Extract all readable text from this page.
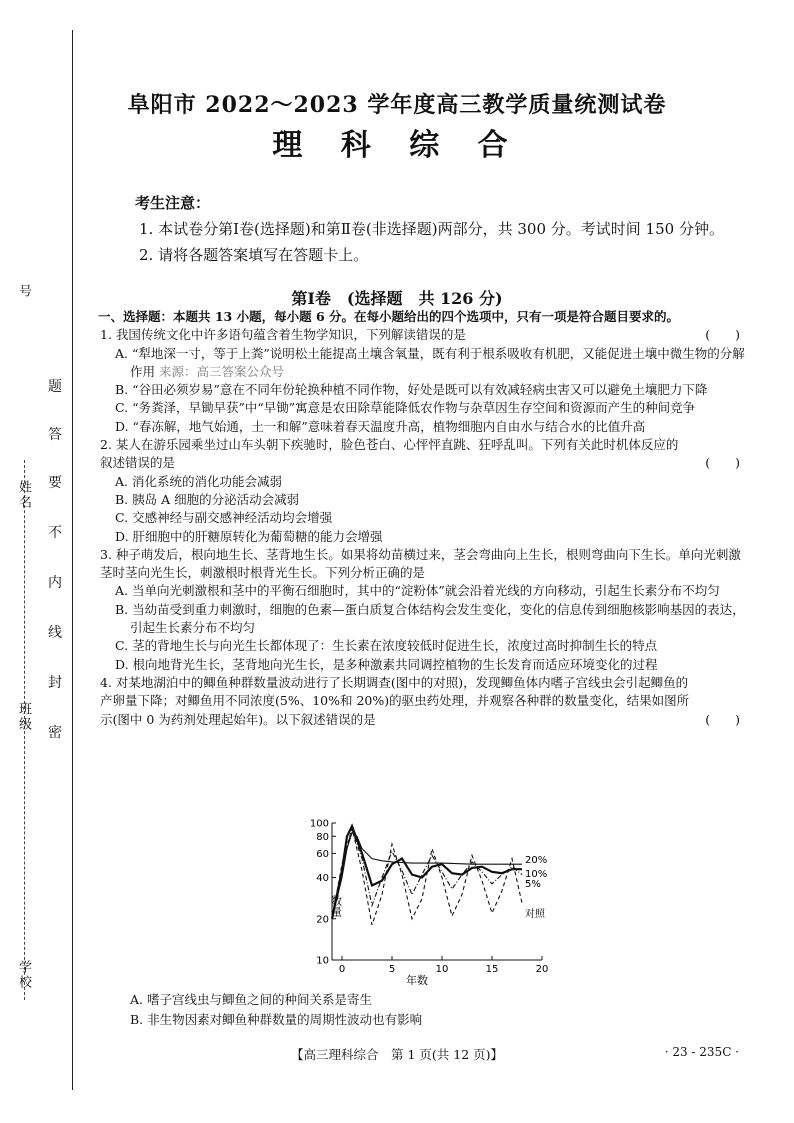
号
姓名
班级
学校
题
答
要
不
内
线
封
密
阜阳市 2022～2023 学年度高三教学质量统测试卷
理 科 综 合
考生注意：
1. 本试卷分第Ⅰ卷(选择题)和第Ⅱ卷(非选择题)两部分，共 300 分。考试时间 150 分钟。
2. 请将各题答案填写在答题卡上。
第Ⅰ卷　(选择题　共 126 分)

一、选择题：本题共 13 小题，每小题 6 分。在每小题给出的四个选项中，只有一项是符合题目要求的。

1. 我国传统文化中许多语句蕴含着生物学知识，下列解读错误的是	(　　)

A. “犁地深一寸，等于上粪”说明松土能提高土壤含氧量，既有利于根系吸收有机肥，又能促进土壤中微生物的分解作用 来源：高三答案公众号

B. “谷田必须岁易”意在不同年份轮换种植不同作物，好处是既可以有效减轻病虫害又可以避免土壤肥力下降

C. “务粪泽，早锄早获”中“早锄”寓意是农田除草能降低农作物与杂草因生存空间和资源而产生的种间竞争

D. “春冻解，地气始通，土一和解”意味着春天温度升高，植物细胞内自由水与结合水的比值升高

2. 某人在游乐园乘坐过山车头朝下疾驰时，脸色苍白、心怦怦直跳、狂呼乱叫。下列有关此时机体反应的叙述错误的是	(　　)

A. 消化系统的消化功能会减弱

B. 胰岛 A 细胞的分泌活动会减弱

C. 交感神经与副交感神经活动均会增强

D. 肝细胞中的肝糖原转化为葡萄糖的能力会增强

3. 种子萌发后，根向地生长、茎背地生长。如果将幼苗横过来，茎会弯曲向上生长，根则弯曲向下生长。单向光刺激茎时茎向光生长，刺激根时根背光生长。下列分析正确的是

A. 当单向光刺激根和茎中的平衡石细胞时，其中的“淀粉体”就会沿着光线的方向移动，引起生长素分布不均匀

B. 当幼苗受到重力刺激时，细胞的色素—蛋白质复合体结构会发生变化，变化的信息传到细胞核影响基因的表达，引起生长素分布不均匀

C. 茎的背地生长与向光生长都体现了：生长素在浓度较低时促进生长，浓度过高时抑制生长的特点

D. 根向地背光生长，茎背地向光生长，是多种激素共同调控植物的生长发育而适应环境变化的过程

4. 对某地湖泊中的鲫鱼种群数量波动进行了长期调查(图中的对照)，发现鲫鱼体内嗜子宫线虫会引起鲫鱼的产卵量下降；对鲫鱼用不同浓度(5%、10%和 20%)的驱虫药处理，并观察各种群的数量变化，结果如图所示(图中 0 为药剂处理起始年)。以下叙述错误的是	(　　)
0	5	10	15	20
10
20
40
60
80
100
年数
数量
20%
10%
5%
对照
A. 嗜子宫线虫与鲫鱼之间的种间关系是寄生
B. 非生物因素对鲫鱼种群数量的周期性波动也有影响
【高三理科综合　第 1 页(共 12 页)】	· 23 - 235C ·
